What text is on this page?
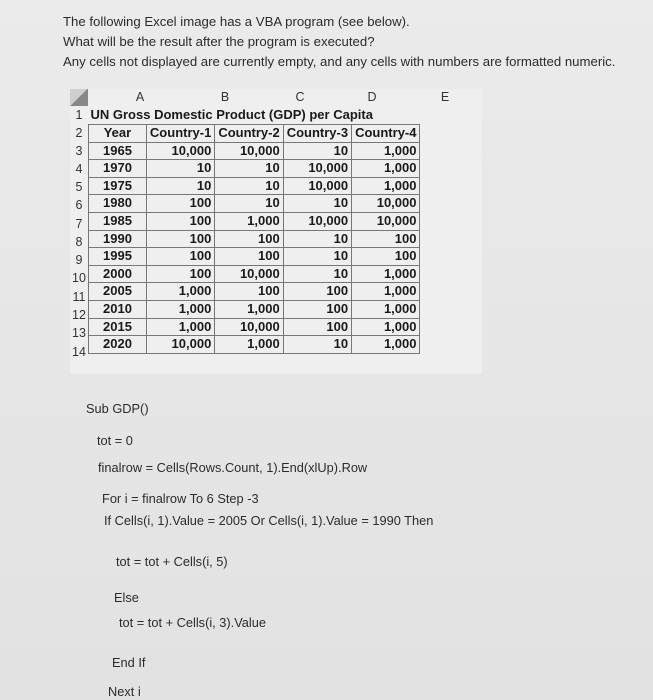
The following Excel image has a VBA program (see below).
What will be the result after the program is executed?
Any cells not displayed are currently empty, and any cells with numbers are formatted numeric.
A	B	C	D	E
1
2
3
4
5
6
7
8
9
10
11
12
13
14
UN Gross Domestic Product (GDP) per Capita				
Year	Country-1	Country-2	Country-3	Country-4
1965	10,000	10,000	10	1,000
1970	10	10	10,000	1,000
1975	10	10	10,000	1,000
1980	100	10	10	10,000
1985	100	1,000	10,000	10,000
1990	100	100	10	100
1995	100	100	10	100
2000	100	10,000	10	1,000
2005	1,000	100	100	1,000
2010	1,000	1,000	100	1,000
2015	1,000	10,000	100	1,000
2020	10,000	1,000	10	1,000
Sub GDP()
tot = 0
finalrow = Cells(Rows.Count, 1).End(xlUp).Row
For i = finalrow To 6 Step -3
If Cells(i, 1).Value = 2005 Or Cells(i, 1).Value = 1990 Then
tot = tot + Cells(i, 5)
Else
tot = tot + Cells(i, 3).Value
End If
Next i
